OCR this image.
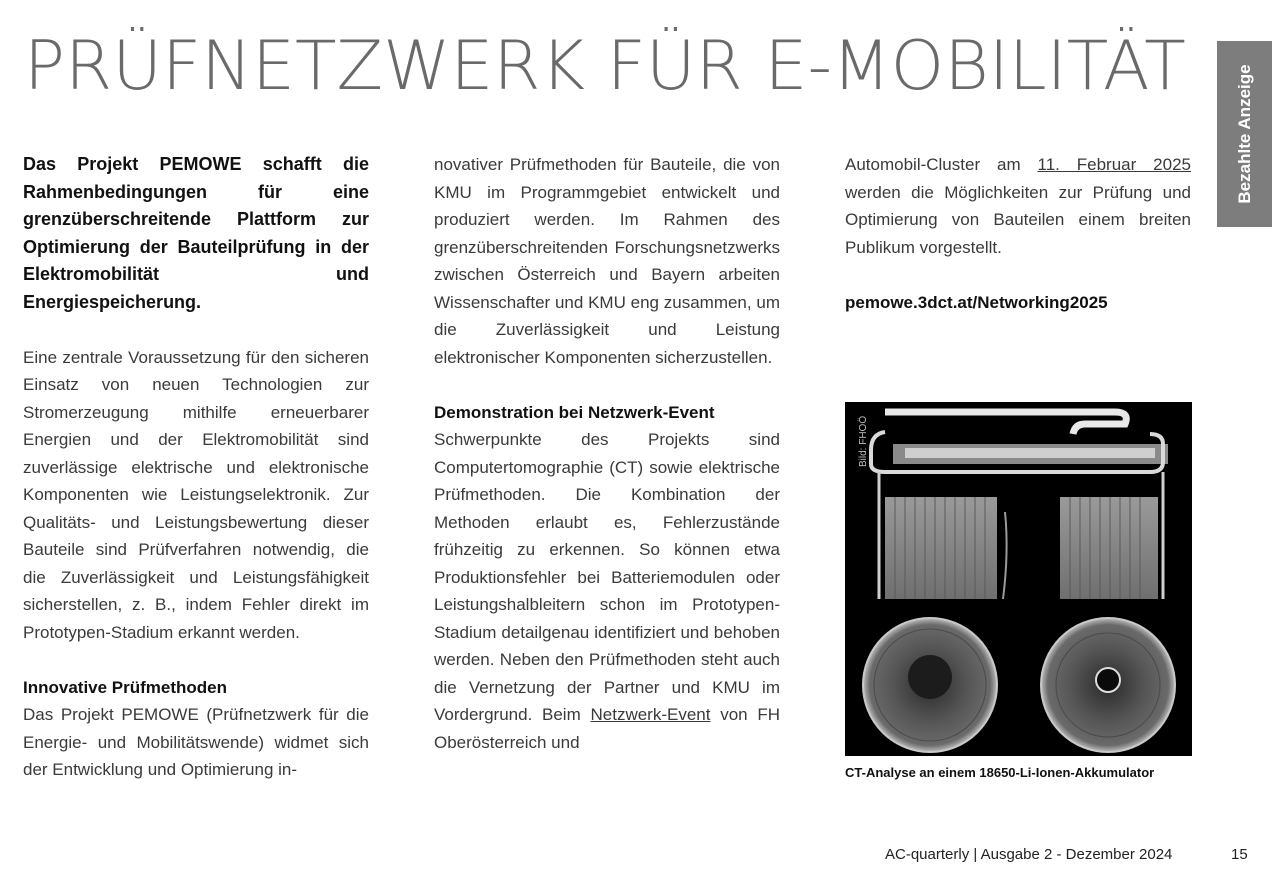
PRÜFNETZWERK FÜR E-MOBILITÄT	Bezahlte Anzeige

Das Projekt PEMOWE schafft die Rahmenbedingungen für eine grenzüberschreitende Plattform zur Optimierung der Bauteilprüfung in der Elektromobilität und Energiespeicherung.

Eine zentrale Voraussetzung für den sicheren Einsatz von neuen Technologien zur Stromerzeugung mithilfe erneuerbarer Energien und der Elektromobilität sind zuverlässige elektrische und elektronische Komponenten wie Leistungselektronik. Zur Qualitäts- und Leistungsbewertung dieser Bauteile sind Prüfverfahren notwendig, die die Zuverlässigkeit und Leistungsfähigkeit sicherstellen, z. B., indem Fehler direkt im Prototypen-Stadium erkannt werden.

Innovative Prüfmethoden

Das Projekt PEMOWE (Prüfnetzwerk für die Energie- und Mobilitätswende) widmet sich der Entwicklung und Optimierung in-

novativer Prüfmethoden für Bauteile, die von KMU im Programmgebiet entwickelt und produziert werden. Im Rahmen des grenzüberschreitenden Forschungsnetzwerks zwischen Österreich und Bayern arbeiten Wissenschafter und KMU eng zusammen, um die Zuverlässigkeit und Leistung elektronischer Komponenten sicherzustellen.

Demonstration bei Netzwerk-Event

Schwerpunkte des Projekts sind Computertomographie (CT) sowie elektrische Prüfmethoden. Die Kombination der Methoden erlaubt es, Fehlerzustände frühzeitig zu erkennen. So können etwa Produktionsfehler bei Batteriemodulen oder Leistungshalbleitern schon im Prototypen-Stadium detailgenau identifiziert und behoben werden. Neben den Prüfmethoden steht auch die Vernetzung der Partner und KMU im Vordergrund. Beim Netzwerk-Event von FH Oberösterreich und

Automobil-Cluster am 11. Februar 2025 werden die Möglichkeiten zur Prüfung und Optimierung von Bauteilen einem breiten Publikum vorgestellt.

pemowe.3dct.at/Networking2025

Bild: FHOÖ
CT-Analyse an einem 18650-Li-Ionen-Akkumulator
AC-quarterly | Ausgabe 2 - Dezember 2024	15
